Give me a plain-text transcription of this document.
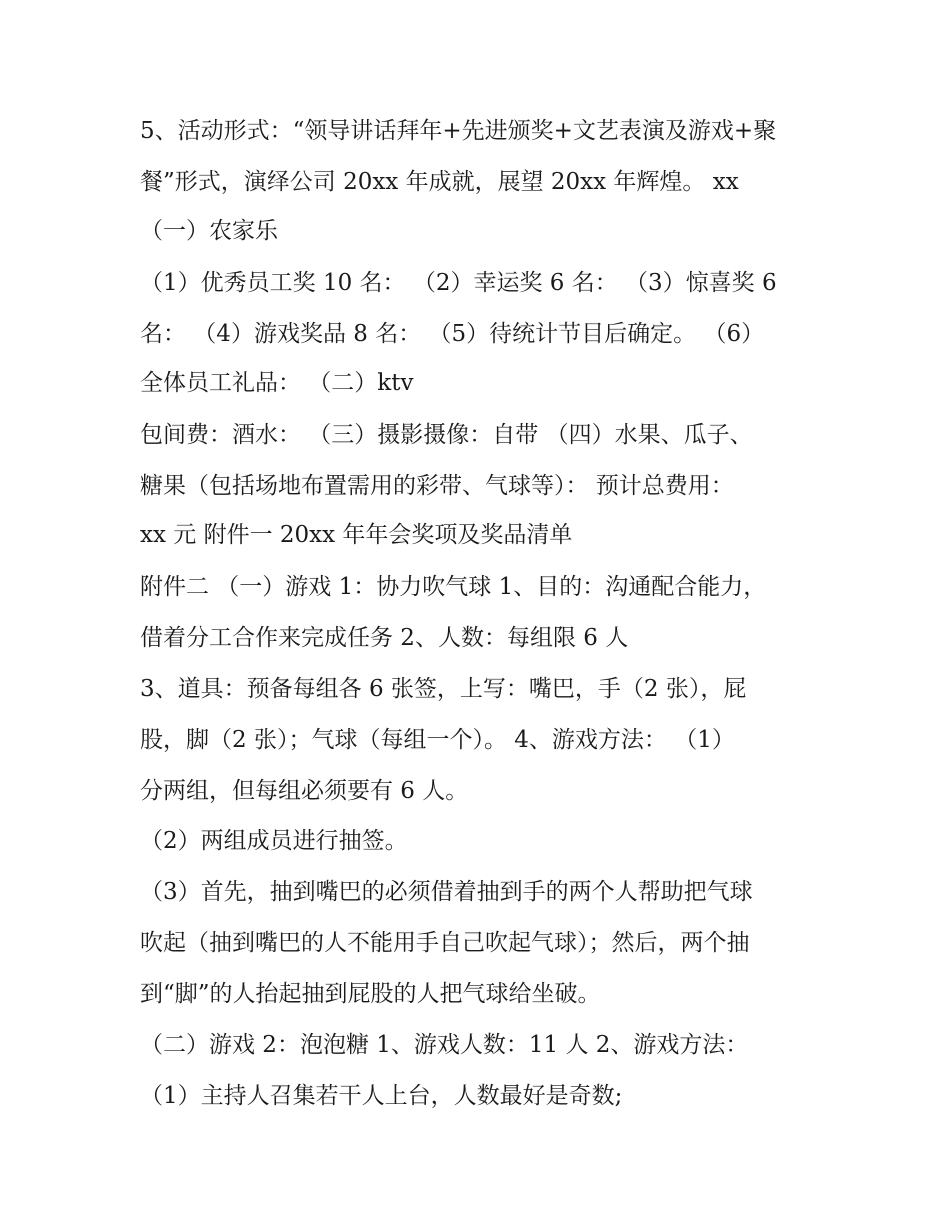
5、活动形式：“领导讲话拜年+先进颁奖+文艺表演及游戏+聚

餐”形式，演绎公司 20xx 年成就，展望 20xx 年辉煌。 xx

（一）农家乐

（1）优秀员工奖 10 名： （2）幸运奖 6 名： （3）惊喜奖 6

名： （4）游戏奖品 8 名： （5）待统计节目后确定。 （6）

全体员工礼品： （二）ktv

包间费：酒水： （三）摄影摄像：自带 （四）水果、瓜子、

糖果（包括场地布置需用的彩带、气球等）： 预计总费用：

xx 元 附件一 20xx 年年会奖项及奖品清单

附件二 （一）游戏 1：协力吹气球 1、目的：沟通配合能力，

借着分工合作来完成任务 2、人数：每组限 6 人

3、道具：预备每组各 6 张签，上写：嘴巴，手（2 张），屁

股，脚（2 张）；气球（每组一个）。 4、游戏方法： （1）

分两组，但每组必须要有 6 人。

（2）两组成员进行抽签。

（3）首先，抽到嘴巴的必须借着抽到手的两个人帮助把气球

吹起（抽到嘴巴的人不能用手自己吹起气球）；然后，两个抽

到“脚”的人抬起抽到屁股的人把气球给坐破。

（二）游戏 2：泡泡糖 1、游戏人数：11 人 2、游戏方法：

（1）主持人召集若干人上台，人数最好是奇数;
